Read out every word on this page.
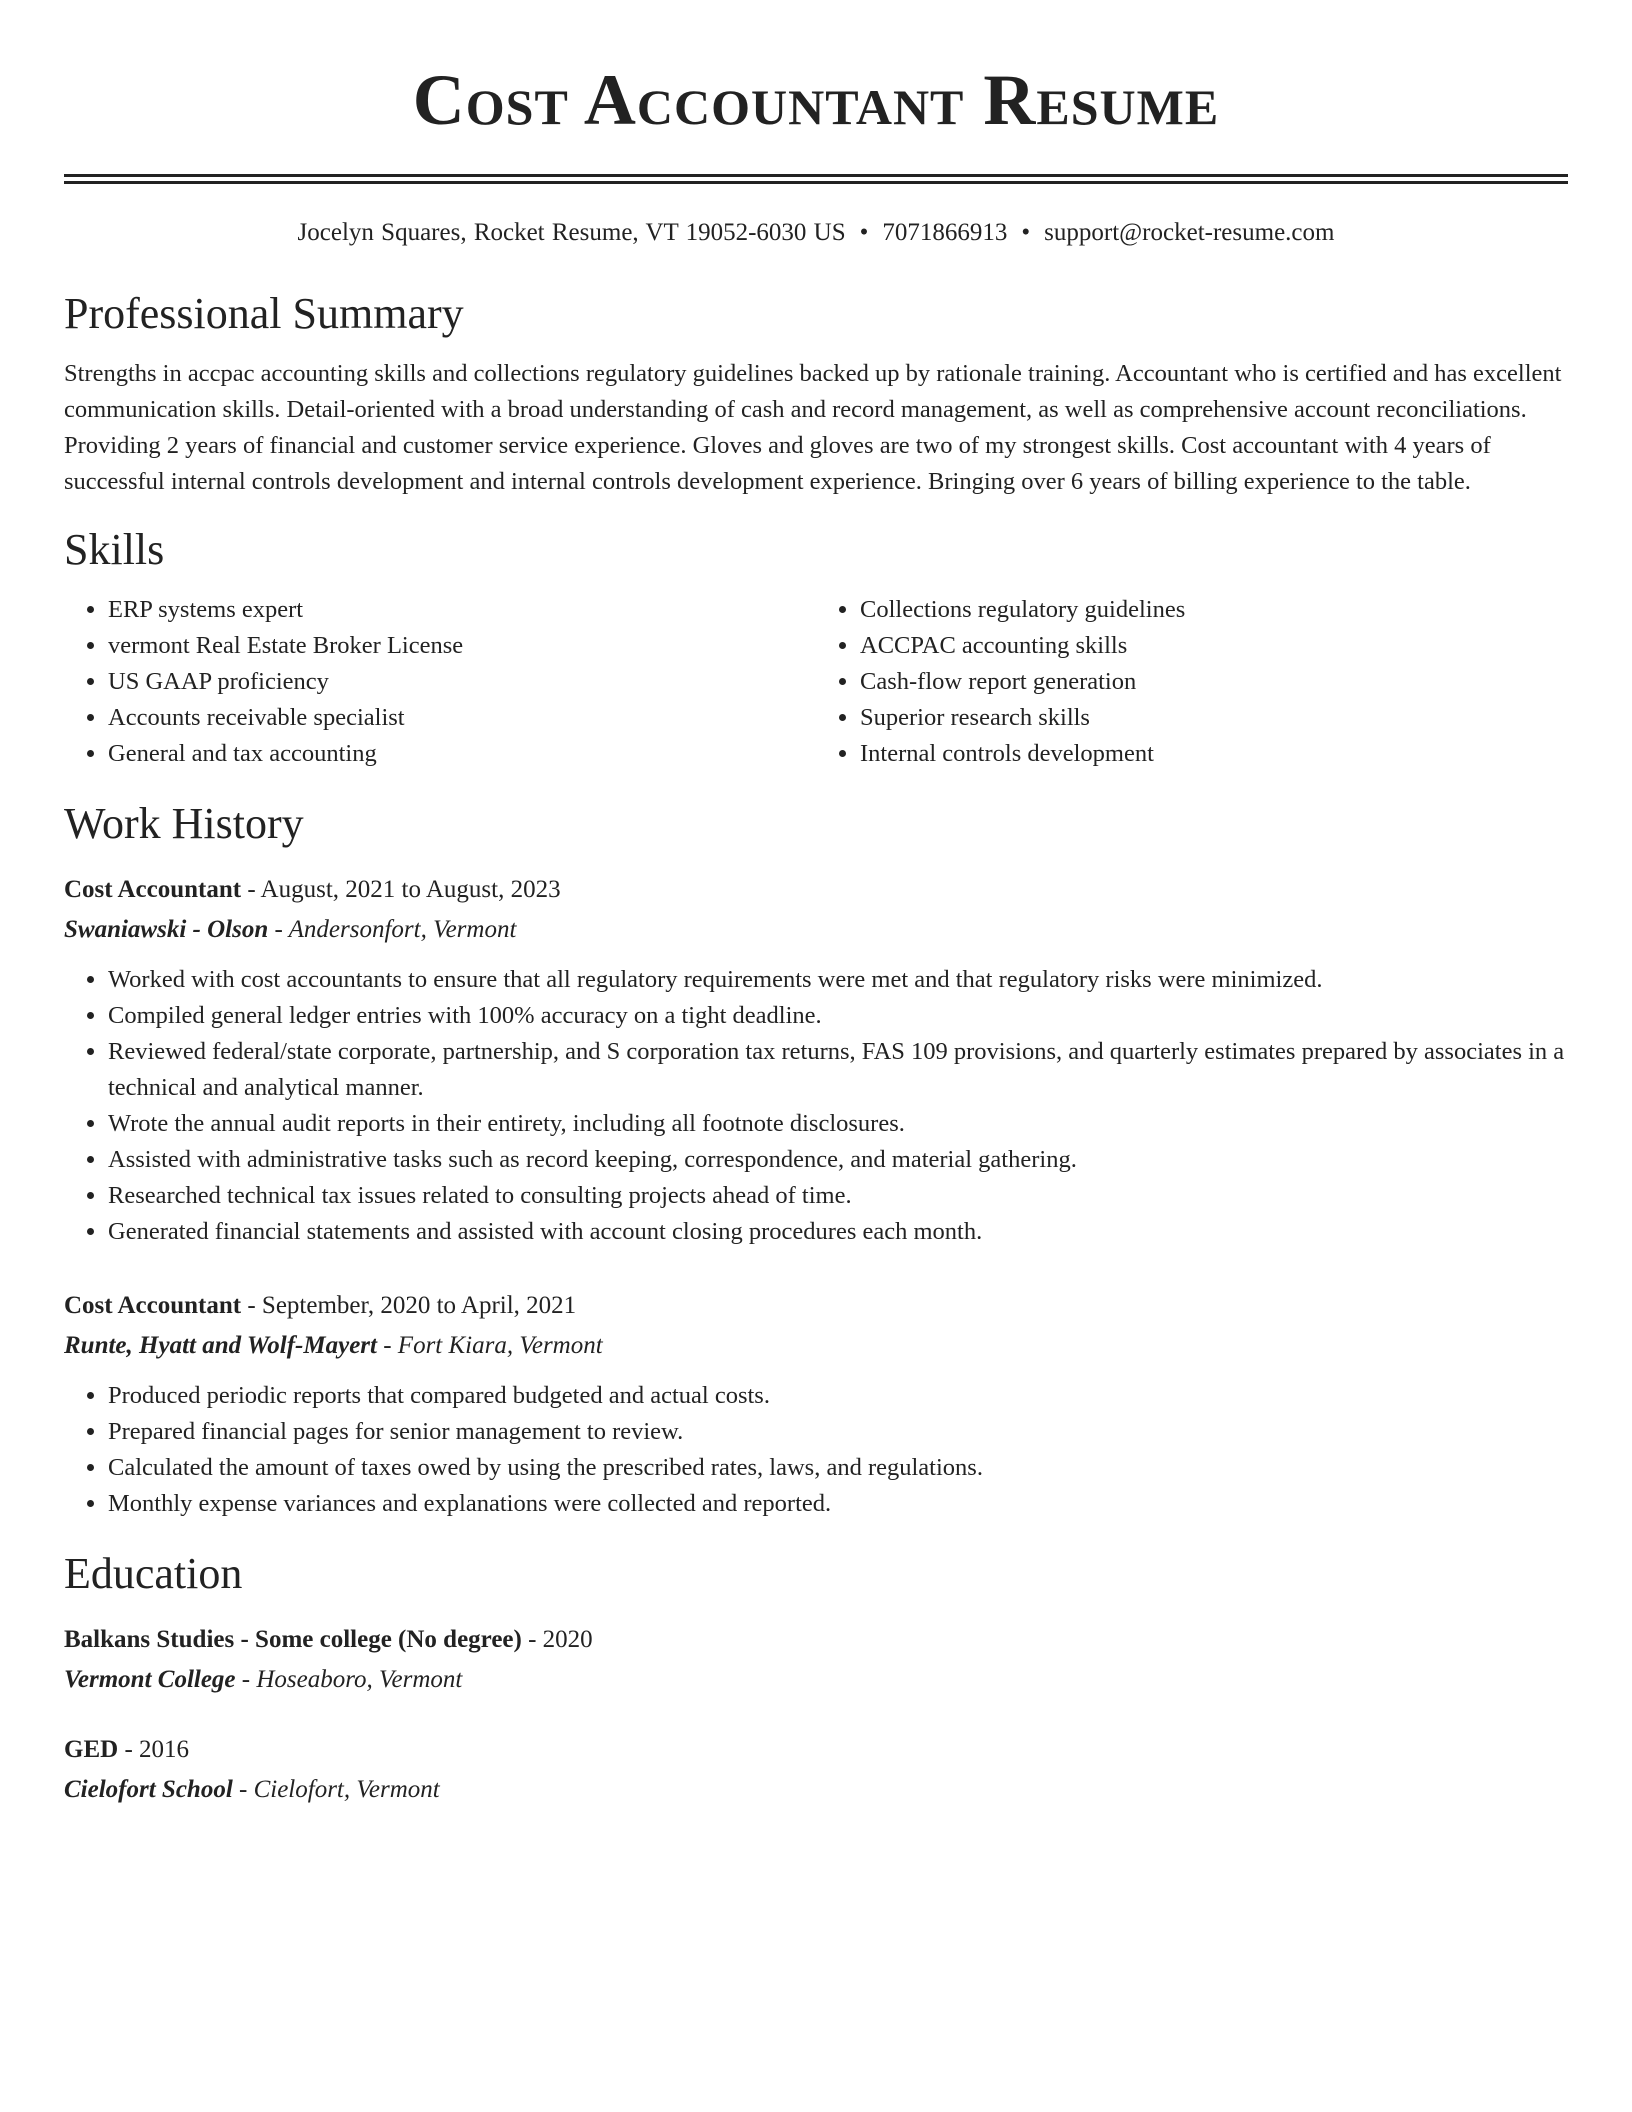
Cost Accountant Resume
Jocelyn Squares, Rocket Resume, VT 19052-6030 US • 7071866913 • support@rocket-resume.com
Professional Summary
Strengths in accpac accounting skills and collections regulatory guidelines backed up by rationale training. Accountant who is certified and has excellent communication skills. Detail-oriented with a broad understanding of cash and record management, as well as comprehensive account reconciliations. Providing 2 years of financial and customer service experience. Gloves and gloves are two of my strongest skills. Cost accountant with 4 years of successful internal controls development and internal controls development experience. Bringing over 6 years of billing experience to the table.
Skills
• ERP systems expert
• vermont Real Estate Broker License
• US GAAP proficiency
• Accounts receivable specialist
• General and tax accounting
• Collections regulatory guidelines
• ACCPAC accounting skills
• Cash-flow report generation
• Superior research skills
• Internal controls development
Work History
Cost Accountant - August, 2021 to August, 2023
Swaniawski - Olson - Andersonfort, Vermont
• Worked with cost accountants to ensure that all regulatory requirements were met and that regulatory risks were minimized.
• Compiled general ledger entries with 100% accuracy on a tight deadline.
• Reviewed federal/state corporate, partnership, and S corporation tax returns, FAS 109 provisions, and quarterly estimates prepared by associates in a technical and analytical manner.
• Wrote the annual audit reports in their entirety, including all footnote disclosures.
• Assisted with administrative tasks such as record keeping, correspondence, and material gathering.
• Researched technical tax issues related to consulting projects ahead of time.
• Generated financial statements and assisted with account closing procedures each month.
Cost Accountant - September, 2020 to April, 2021
Runte, Hyatt and Wolf-Mayert - Fort Kiara, Vermont
• Produced periodic reports that compared budgeted and actual costs.
• Prepared financial pages for senior management to review.
• Calculated the amount of taxes owed by using the prescribed rates, laws, and regulations.
• Monthly expense variances and explanations were collected and reported.
Education
Balkans Studies - Some college (No degree) - 2020
Vermont College - Hoseaboro, Vermont
GED - 2016
Cielofort School - Cielofort, Vermont
